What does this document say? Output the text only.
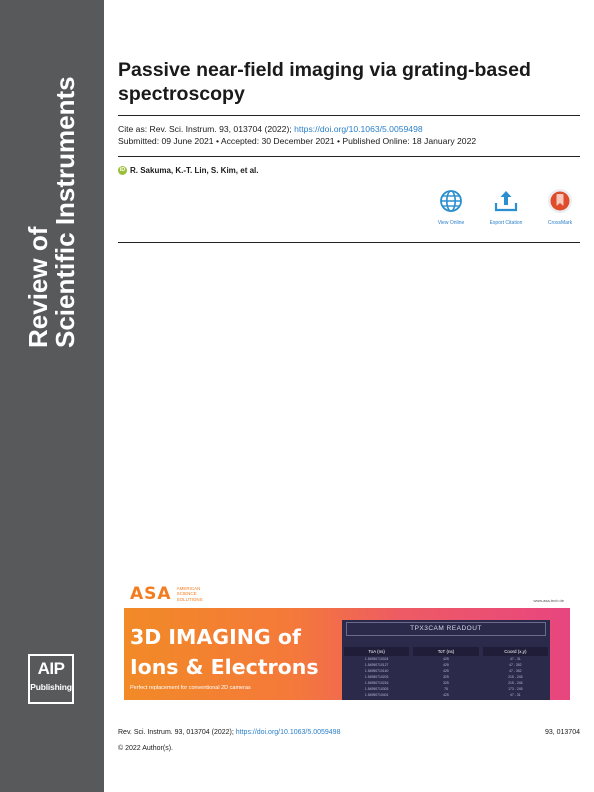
Review of
Scientific Instruments
AIP
Publishing
Passive near-field imaging via grating-based spectroscopy
Cite as: Rev. Sci. Instrum. 93, 013704 (2022); https://doi.org/10.1063/5.0059498
Submitted: 09 June 2021 • Accepted: 30 December 2021 • Published Online: 18 January 2022
iD R. Sakuma, K.-T. Lin, S. Kim, et al.
View Online	Export Citation	CrossMark
ASA AMERICAN SCIENCE SOLUTIONS	www.asa-tech.de
3D IMAGING of
Ions & Electrons
Perfect replacement for conventional 2D cameras
TPX3CAM READOUT
ToA (ns)	ToT (ns)	Coord (x,y)
1.54950710024	425	47 - 31
1.54950710127	425	47 - 352
1.54950710140	425	47 - 352
1.54950710203	325	215 - 245
1.54950710216	325	215 - 246
1.54950710303	75	173 - 245
1.54950710401	425	47 - 31
Rev. Sci. Instrum. 93, 013704 (2022); https://doi.org/10.1063/5.0059498	93, 013704
© 2022 Author(s).
